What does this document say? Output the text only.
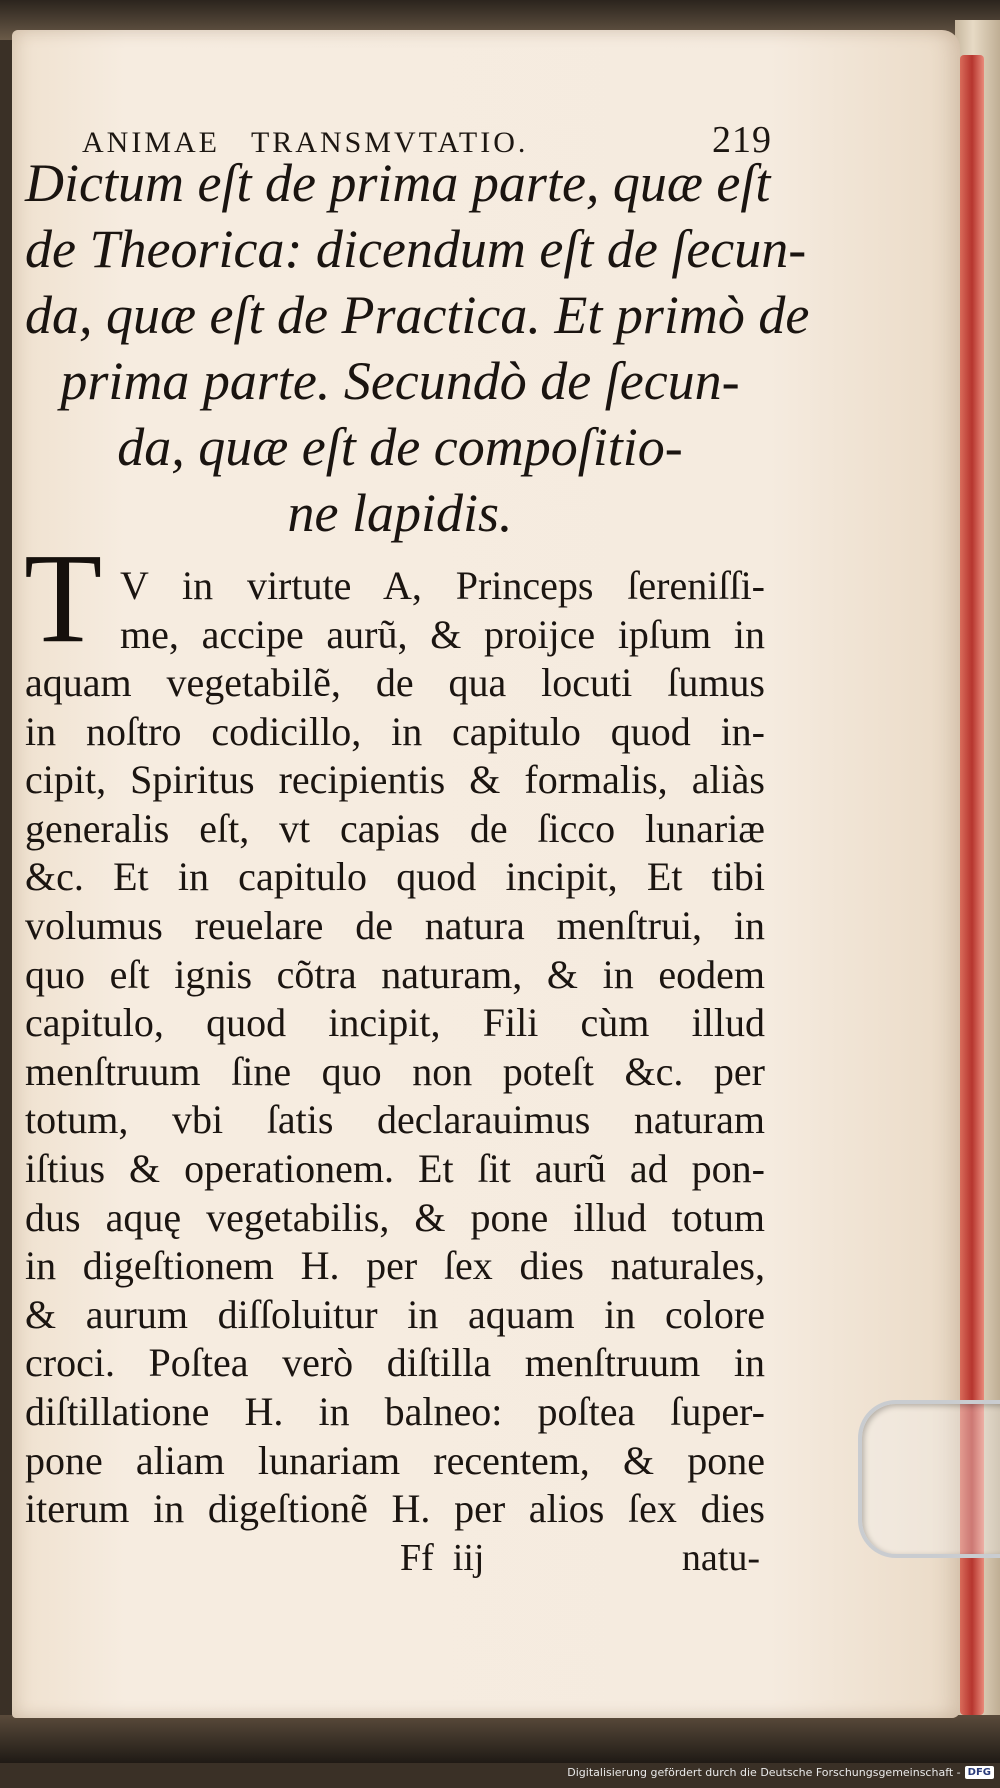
ANIMAE   TRANSMVTATIO.	219
Dictum eſt de prima parte, quæ eſt
de Theorica: dicendum eſt de ſecun-
da, quæ eſt de Practica. Et primò de
prima parte. Secundò de ſecun-
da, quæ eſt de compoſitio-
ne lapidis.
T V in virtute A, Princeps ſereniſſi-
me, accipe aurũ, & proijce ipſum in
aquam vegetabilẽ, de qua locuti ſumus
in noſtro codicillo, in capitulo quod in-
cipit, Spiritus recipientis & formalis, aliàs
generalis eſt, vt capias de ſicco lunariæ
&c. Et in capitulo quod incipit, Et tibi
volumus reuelare de natura menſtrui, in
quo eſt ignis cõtra naturam, & in eodem
capitulo, quod incipit, Fili cùm illud
menſtruum ſine quo non poteſt &c. per
totum, vbi ſatis declarauimus naturam
iſtius & operationem. Et ſit aurũ ad pon-
dus aquę vegetabilis, & pone illud totum
in digeſtionem H. per ſex dies naturales,
& aurum diſſoluitur in aquam in colore
croci. Poſtea verò diſtilla menſtruum in
diſtillatione H. in balneo: poſtea ſuper-
pone aliam lunariam recentem, & pone
iterum in digeſtionẽ H. per alios ſex dies
Ff  iij	natu-
Digitalisierung gefördert durch die Deutsche Forschungsgemeinschaft - DFG
